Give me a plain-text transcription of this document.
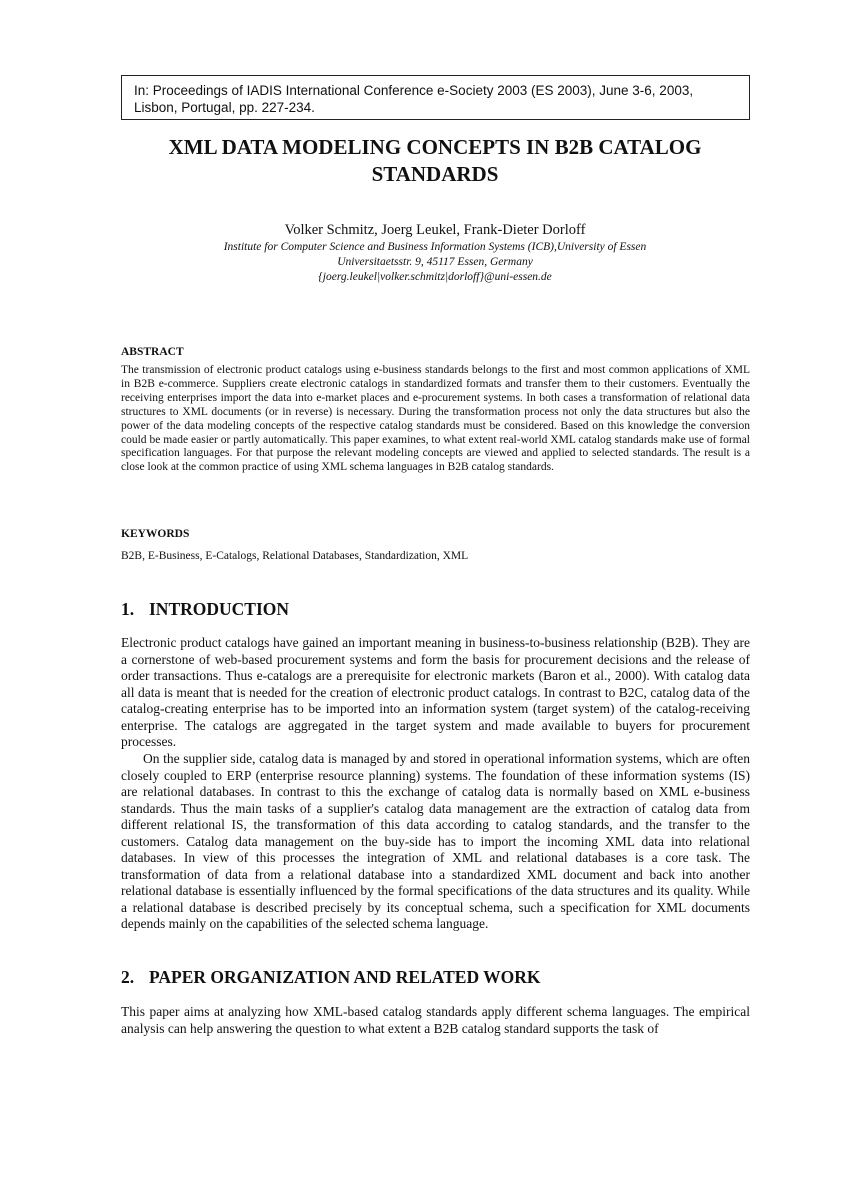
In: Proceedings of IADIS International Conference e-Society 2003 (ES 2003), June 3-6, 2003, Lisbon, Portugal, pp. 227-234.
XML DATA MODELING CONCEPTS IN B2B CATALOG
STANDARDS
Volker Schmitz, Joerg Leukel, Frank-Dieter Dorloff
Institute for Computer Science and Business Information Systems (ICB),University of Essen
Universitaetsstr. 9, 45117 Essen, Germany
{joerg.leukel|volker.schmitz|dorloff}@uni-essen.de
ABSTRACT
The transmission of electronic product catalogs using e-business standards belongs to the first and most common applications of XML in B2B e-commerce. Suppliers create electronic catalogs in standardized formats and transfer them to their customers. Eventually the receiving enterprises import the data into e-market places and e-procurement systems. In both cases a transformation of relational data structures to XML documents (or in reverse) is necessary. During the transformation process not only the data structures but also the power of the data modeling concepts of the respective catalog standards must be considered. Based on this knowledge the conversion could be made easier or partly automatically. This paper examines, to what extent real-world XML catalog standards make use of formal specification languages. For that purpose the relevant modeling concepts are viewed and applied to selected standards. The result is a close look at the common practice of using XML schema languages in B2B catalog standards.
KEYWORDS
B2B, E-Business, E-Catalogs, Relational Databases, Standardization, XML
1. INTRODUCTION
Electronic product catalogs have gained an important meaning in business-to-business relationship (B2B). They are a cornerstone of web-based procurement systems and form the basis for procurement decisions and the release of order transactions. Thus e-catalogs are a prerequisite for electronic markets (Baron et al., 2000). With catalog data all data is meant that is needed for the creation of electronic product catalogs. In contrast to B2C, catalog data of the catalog-creating enterprise has to be imported into an information system (target system) of the catalog-receiving enterprise. The catalogs are aggregated in the target system and made available to buyers for procurement processes.
On the supplier side, catalog data is managed by and stored in operational information systems, which are often closely coupled to ERP (enterprise resource planning) systems. The foundation of these information systems (IS) are relational databases. In contrast to this the exchange of catalog data is normally based on XML e-business standards. Thus the main tasks of a supplier's catalog data management are the extraction of catalog data from different relational IS, the transformation of this data according to catalog standards, and the transfer to the customers. Catalog data management on the buy-side has to import the incoming XML data into relational databases. In view of this processes the integration of XML and relational databases is a core task. The transformation of data from a relational database into a standardized XML document and back into another relational database is essentially influenced by the formal specifications of the data structures and its quality. While a relational database is described precisely by its conceptual schema, such a specification for XML documents depends mainly on the capabilities of the selected schema language.
2. PAPER ORGANIZATION AND RELATED WORK
This paper aims at analyzing how XML-based catalog standards apply different schema languages. The empirical analysis can help answering the question to what extent a B2B catalog standard supports the task of
